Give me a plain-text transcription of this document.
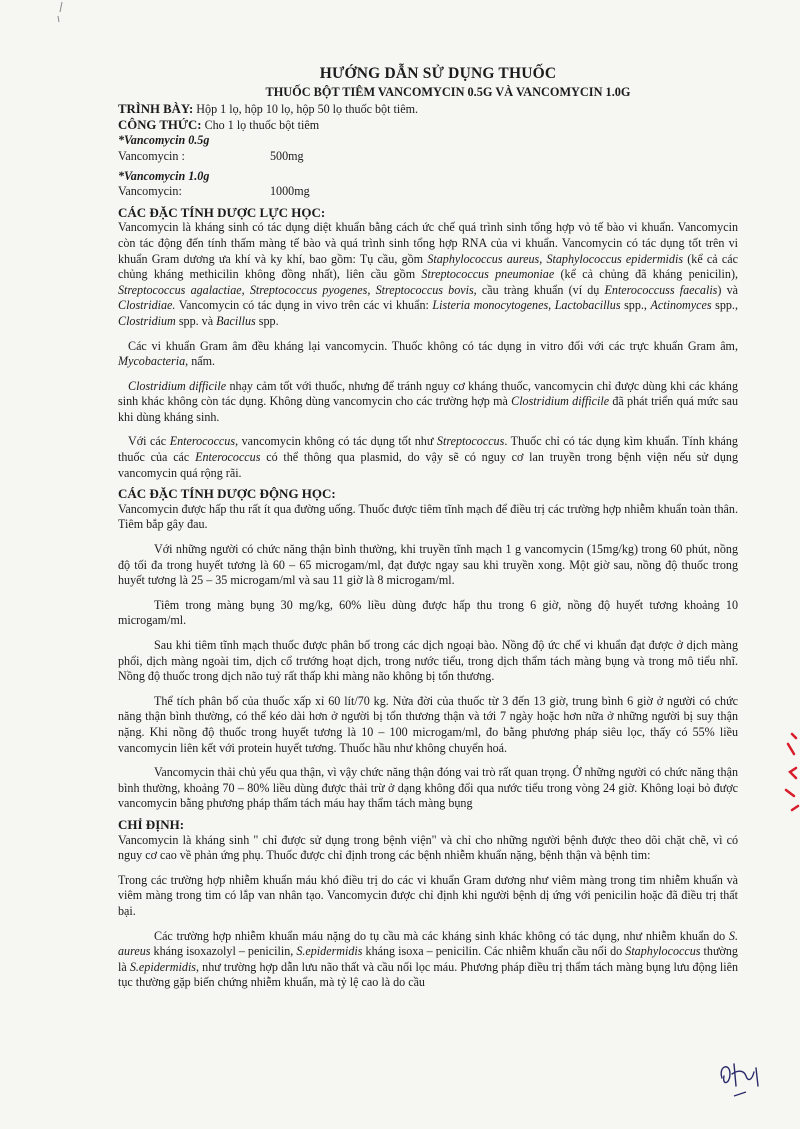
HƯỚNG DẪN SỬ DỤNG THUỐC
THUỐC BỘT TIÊM VANCOMYCIN 0.5G VÀ VANCOMYCIN 1.0G
TRÌNH BÀY: Hộp 1 lọ, hộp 10 lọ, hộp 50 lọ thuốc bột tiêm.
CÔNG THỨC: Cho 1 lọ thuốc bột tiêm
*Vancomycin 0.5g
Vancomycin :	500mg
*Vancomycin 1.0g
Vancomycin:	1000mg
CÁC ĐẶC TÍNH DƯỢC LỰC HỌC:

Vancomycin là kháng sinh có tác dụng diệt khuẩn bằng cách ức chế quá trình sinh tổng hợp vỏ tế bào vi khuẩn. Vancomycin còn tác động đến tính thấm màng tế bào và quá trình sinh tổng hợp RNA của vi khuẩn. Vancomycin có tác dụng tốt trên vi khuẩn Gram dương ưa khí và ky khí, bao gồm: Tụ cầu, gồm Staphylococcus aureus, Staphylococcus epidermidis (kể cả các chủng kháng methicilin không đồng nhất), liên cầu gồm Streptococcus pneumoniae (kể cả chủng đã kháng penicilin), Streptococcus agalactiae, Streptococcus pyogenes, Streptococcus bovis, cầu tràng khuẩn (ví dụ Enterococcuss faecalis) và Clostridiae. Vancomycin có tác dụng in vivo trên các vi khuẩn: Listeria monocytogenes, Lactobacillus spp., Actinomyces spp., Clostridium spp. và Bacillus spp.

Các vi khuẩn Gram âm đều kháng lại vancomycin. Thuốc không có tác dụng in vitro đối với các trực khuẩn Gram âm, Mycobacteria, nấm.

Clostridium difficile nhạy cảm tốt với thuốc, nhưng để tránh nguy cơ kháng thuốc, vancomycin chỉ được dùng khi các kháng sinh khác không còn tác dụng. Không dùng vancomycin cho các trường hợp mà Clostridium difficile đã phát triển quá mức sau khi dùng kháng sinh.

Với các Enterococcus, vancomycin không có tác dụng tốt như Streptococcus. Thuốc chỉ có tác dụng kìm khuẩn. Tính kháng thuốc của các Enterococcus có thể thông qua plasmid, do vậy sẽ có nguy cơ lan truyền trong bệnh viện nếu sử dụng vancomycin quá rộng rãi.

CÁC ĐẶC TÍNH DƯỢC ĐỘNG HỌC:

Vancomycin được hấp thu rất ít qua đường uống. Thuốc được tiêm tĩnh mạch để điều trị các trường hợp nhiễm khuẩn toàn thân. Tiêm bắp gây đau.

Với những người có chức năng thận bình thường, khi truyền tĩnh mạch 1 g vancomycin (15mg/kg) trong 60 phút, nồng độ tối đa trong huyết tương là 60 – 65 microgam/ml, đạt được ngay sau khi truyền xong. Một giờ sau, nồng độ thuốc trong huyết tương là 25 – 35 microgam/ml và sau 11 giờ là 8 microgam/ml.

Tiêm trong màng bụng 30 mg/kg, 60% liều dùng được hấp thu trong 6 giờ, nồng độ huyết tương khoảng 10 microgam/ml.

Sau khi tiêm tĩnh mạch thuốc được phân bố trong các dịch ngoại bào. Nồng độ ức chế vi khuẩn đạt được ở dịch màng phổi, dịch màng ngoài tim, dịch cổ trướng hoạt dịch, trong nước tiểu, trong dịch thẩm tách màng bụng và trong mô tiểu nhĩ. Nồng độ thuốc trong dịch não tuỷ rất thấp khi màng não không bị tổn thương.

Thể tích phân bố của thuốc xấp xỉ 60 lít/70 kg. Nửa đời của thuốc từ 3 đến 13 giờ, trung bình 6 giờ ở người có chức năng thận bình thường, có thể kéo dài hơn ở người bị tổn thương thận và tới 7 ngày hoặc hơn nữa ở những người bị suy thận nặng. Khi nồng độ thuốc trong huyết tương là 10 – 100 microgam/ml, đo bằng phương pháp siêu lọc, thấy có 55% liều vancomycin liên kết với protein huyết tương. Thuốc hầu như không chuyển hoá.

Vancomycin thải chủ yếu qua thận, vì vậy chức năng thận đóng vai trò rất quan trọng. Ở những người có chức năng thận bình thường, khoảng 70 – 80% liều dùng được thải trừ ở dạng không đổi qua nước tiểu trong vòng 24 giờ. Không loại bỏ được vancomycin bằng phương pháp thẩm tách máu hay thẩm tách màng bụng

CHỈ ĐỊNH:

Vancomycin là kháng sinh " chỉ được sử dụng trong bệnh viện" và chỉ cho những người bệnh được theo dõi chặt chẽ, vì có nguy cơ cao về phản ứng phụ. Thuốc được chỉ định trong các bệnh nhiễm khuẩn nặng, bệnh thận và bệnh tim:

Trong các trường hợp nhiễm khuẩn máu khó điều trị do các vi khuẩn Gram dương như viêm màng trong tim nhiễm khuẩn và viêm màng trong tim có lắp van nhân tạo. Vancomycin được chỉ định khi người bệnh dị ứng với penicilin hoặc đã điều trị thất bại.

Các trường hợp nhiễm khuẩn máu nặng do tụ cầu mà các kháng sinh khác không có tác dụng, như nhiễm khuẩn do S. aureus kháng isoxazolyl – penicilin, S.epidermidis kháng isoxa – penicilin. Các nhiễm khuẩn cầu nối do Staphylococcus thường là S.epidermidis, như trường hợp dẫn lưu não thất và cầu nối lọc máu. Phương pháp điều trị thẩm tách màng bụng lưu động liên tục thường gặp biến chứng nhiễm khuẩn, mà tỷ lệ cao là do cầu
